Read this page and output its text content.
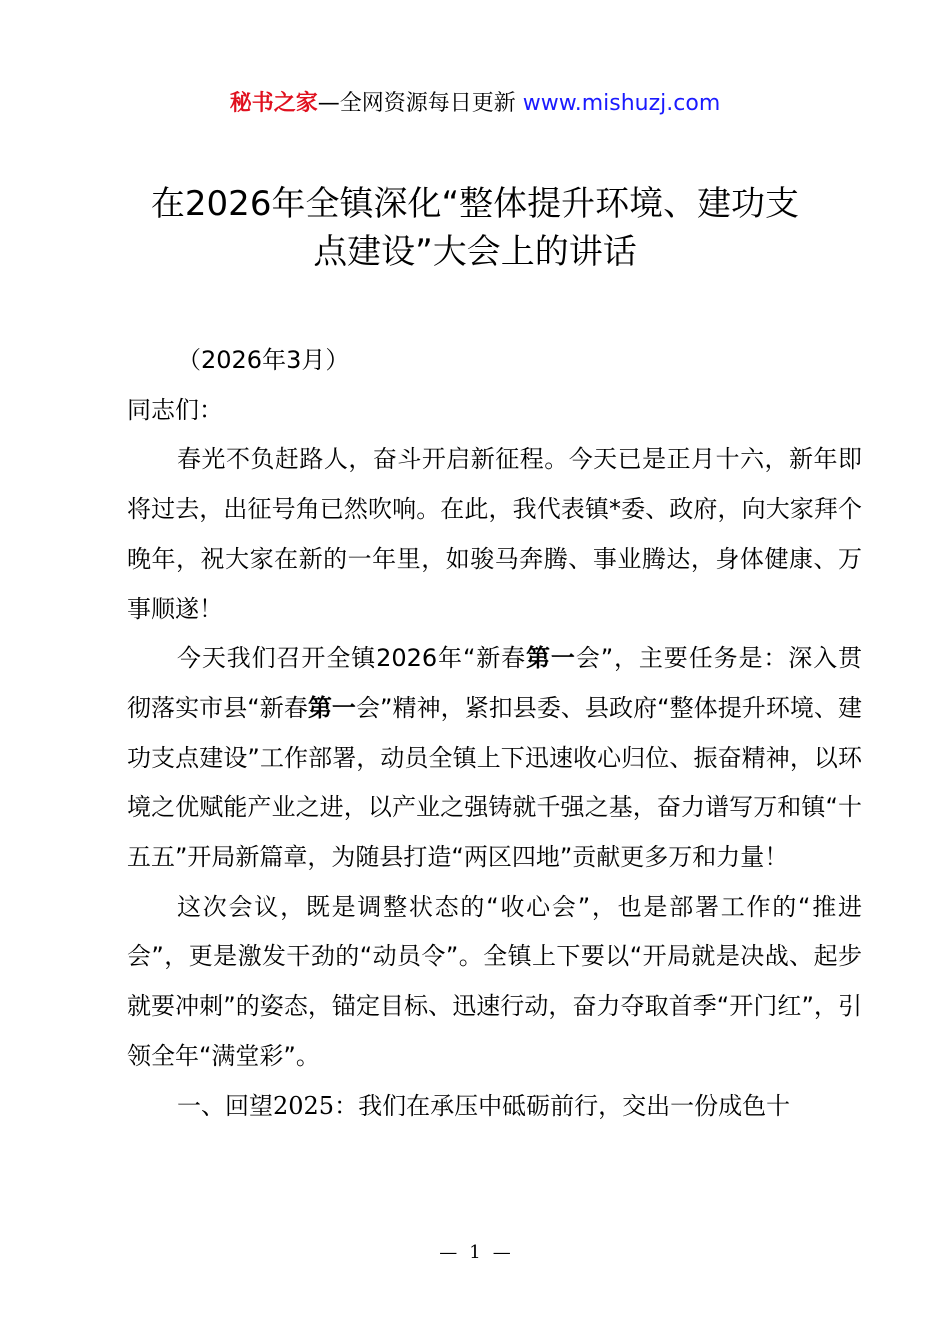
秘书之家—全网资源每日更新 www.mishuzj.com
在2026年全镇深化“整体提升环境、建功支
点建设”大会上的讲话

（2026年3月）

同志们：

春光不负赶路人，奋斗开启新征程。今天已是正月十六，新年即将过去，出征号角已然吹响。在此，我代表镇*委、政府，向大家拜个晚年，祝大家在新的一年里，如骏马奔腾、事业腾达，身体健康、万事顺遂！

今天我们召开全镇2026年“新春第一会”，主要任务是：深入贯彻落实市县“新春第一会”精神，紧扣县委、县政府“整体提升环境、建功支点建设”工作部署，动员全镇上下迅速收心归位、振奋精神，以环境之优赋能产业之进，以产业之强铸就千强之基，奋力谱写万和镇“十五五”开局新篇章，为随县打造“两区四地”贡献更多万和力量！

这次会议，既是调整状态的“收心会”，也是部署工作的“推进会”，更是激发干劲的“动员令”。全镇上下要以“开局就是决战、起步就要冲刺”的姿态，锚定目标、迅速行动，奋力夺取首季“开门红”，引领全年“满堂彩”。

一、回望2025：我们在承压中砥砺前行，交出一份成色十

— 1 —
